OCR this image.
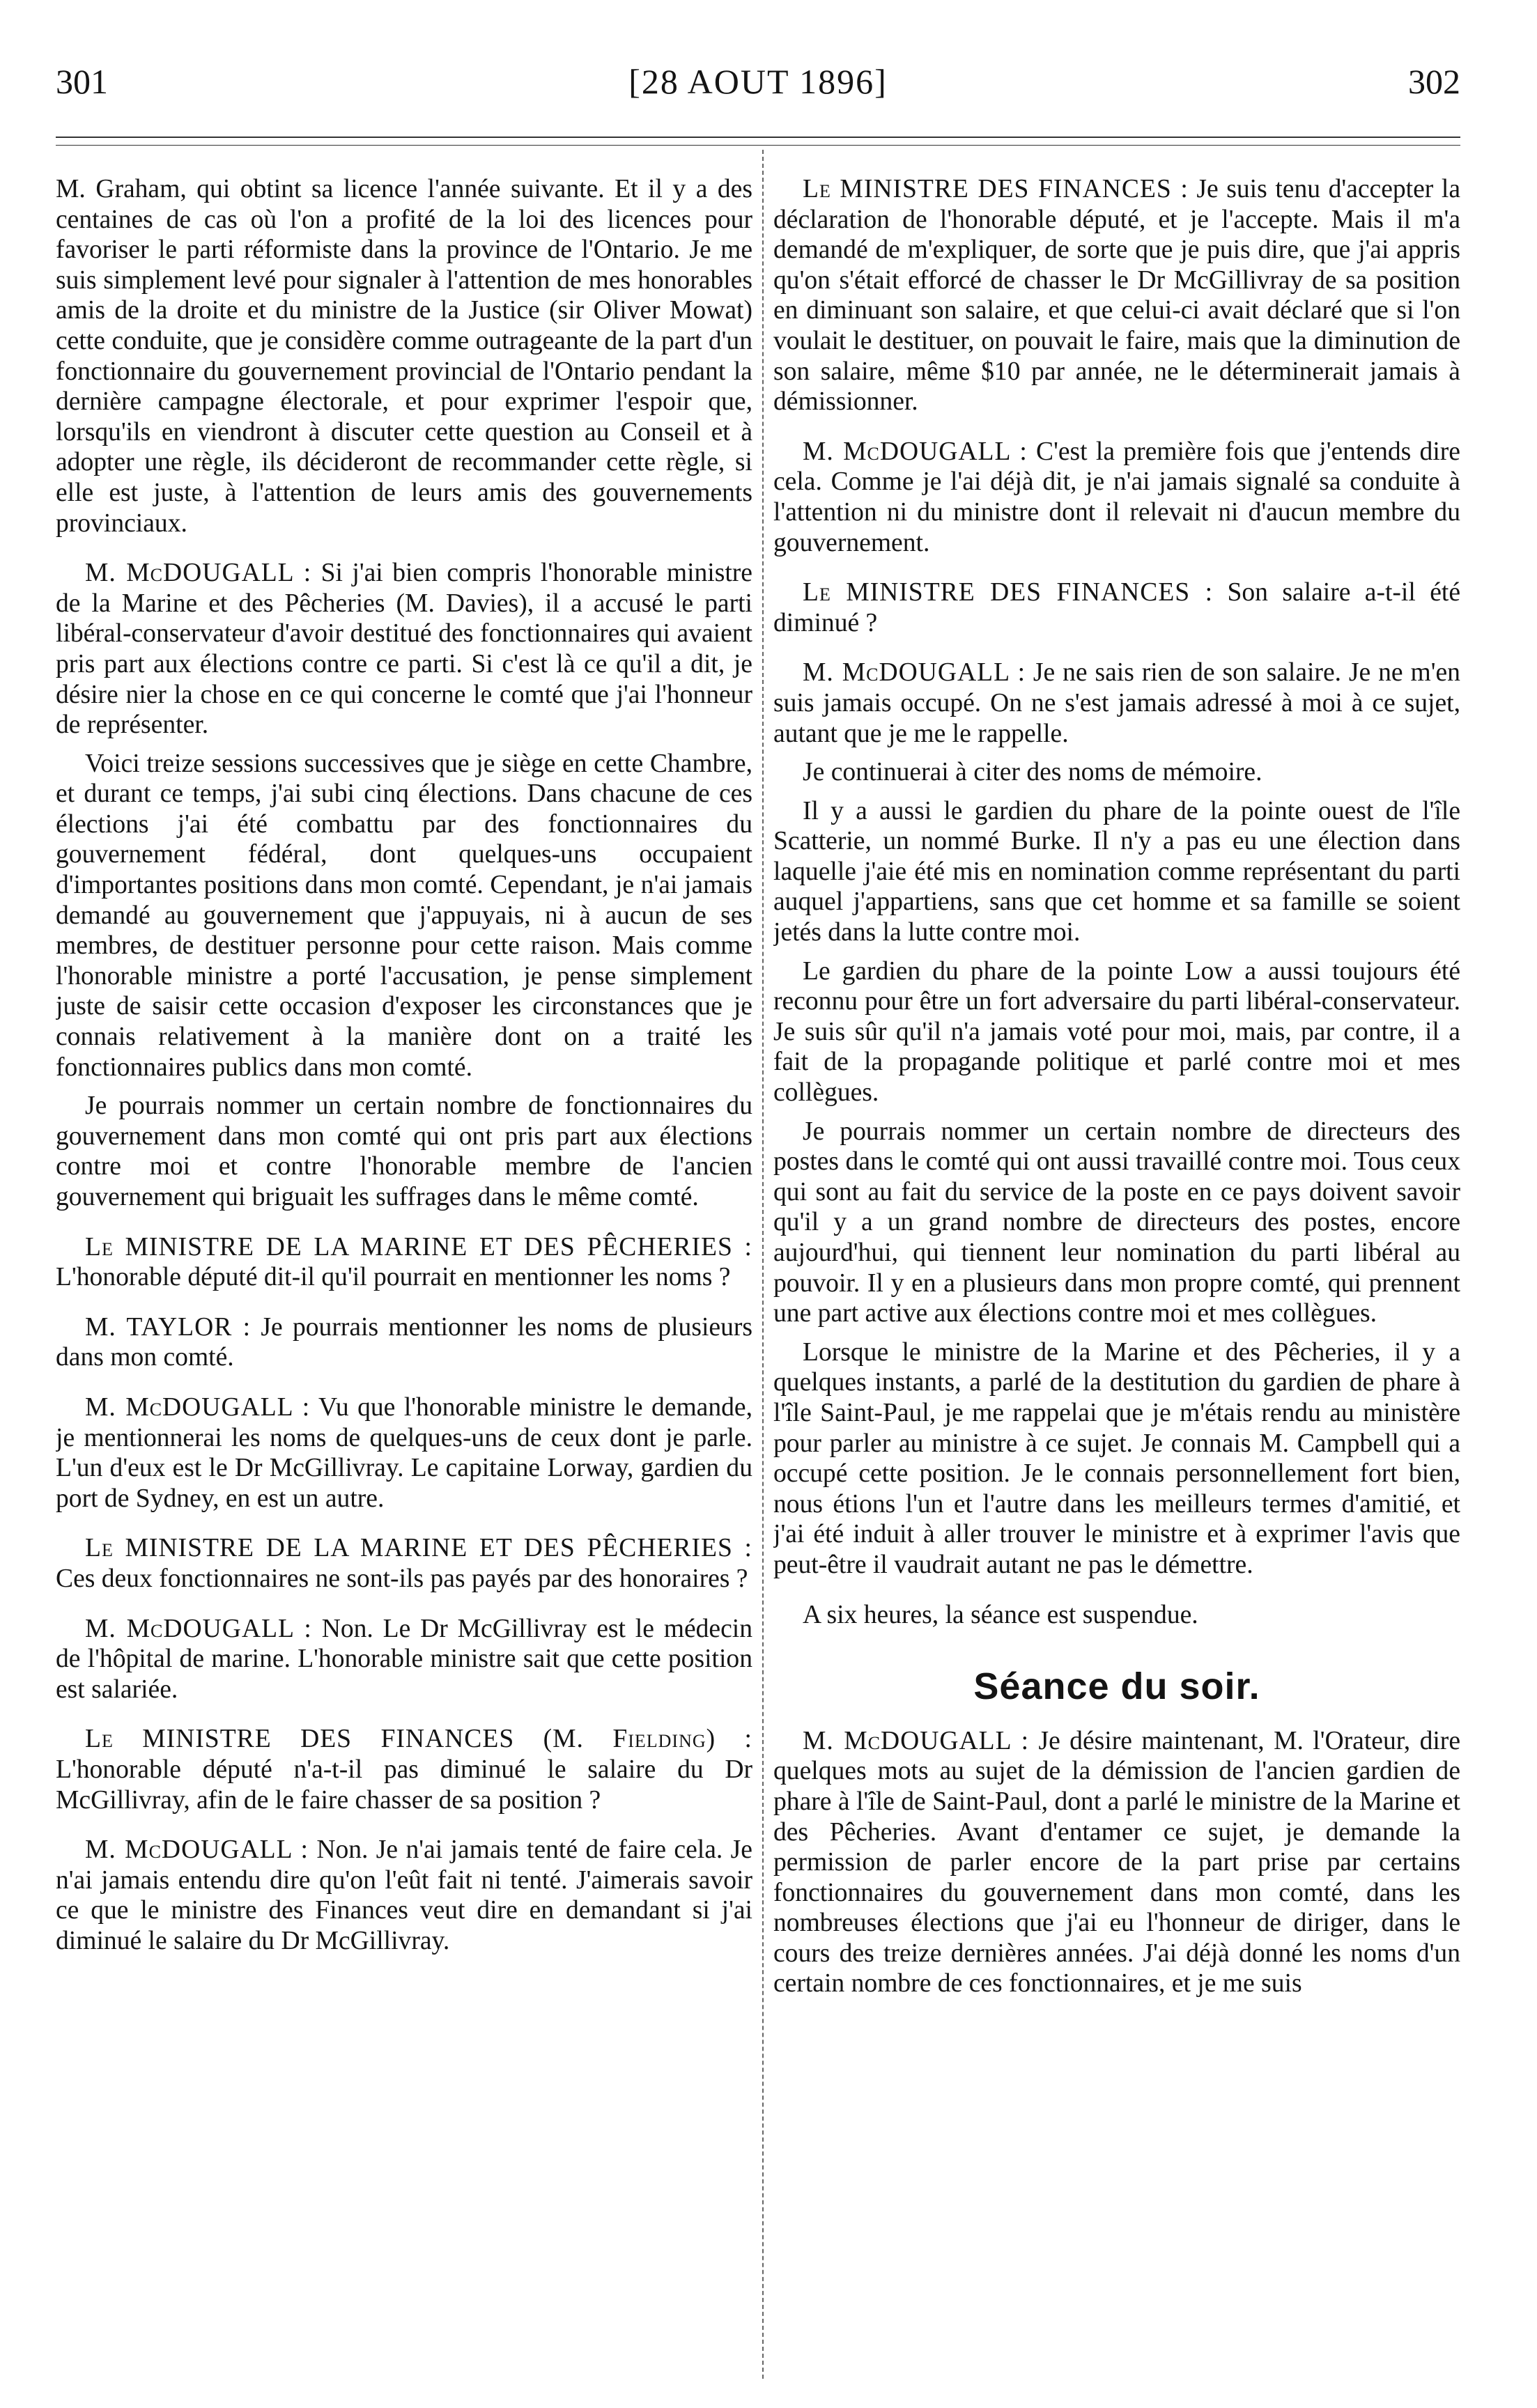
301	[28 AOUT 1896]	302

M. Graham, qui obtint sa licence l'année suivante. Et il y a des centaines de cas où l'on a profité de la loi des licences pour favoriser le parti réformiste dans la province de l'Ontario. Je me suis simplement levé pour signaler à l'attention de mes honorables amis de la droite et du ministre de la Justice (sir Oliver Mowat) cette conduite, que je considère comme outrageante de la part d'un fonctionnaire du gouvernement provincial de l'Ontario pendant la dernière campagne électorale, et pour exprimer l'espoir que, lorsqu'ils en viendront à discuter cette question au Conseil et à adopter une règle, ils décideront de recommander cette règle, si elle est juste, à l'attention de leurs amis des gouvernements provinciaux.

M. McDOUGALL : Si j'ai bien compris l'honorable ministre de la Marine et des Pêcheries (M. Davies), il a accusé le parti libéral-conservateur d'avoir destitué des fonctionnaires qui avaient pris part aux élections contre ce parti. Si c'est là ce qu'il a dit, je désire nier la chose en ce qui concerne le comté que j'ai l'honneur de représenter.

Voici treize sessions successives que je siège en cette Chambre, et durant ce temps, j'ai subi cinq élections. Dans chacune de ces élections j'ai été combattu par des fonctionnaires du gouvernement fédéral, dont quelques-uns occupaient d'importantes positions dans mon comté. Cependant, je n'ai jamais demandé au gouvernement que j'appuyais, ni à aucun de ses membres, de destituer personne pour cette raison. Mais comme l'honorable ministre a porté l'accusation, je pense simplement juste de saisir cette occasion d'exposer les circonstances que je connais relativement à la manière dont on a traité les fonctionnaires publics dans mon comté.

Je pourrais nommer un certain nombre de fonctionnaires du gouvernement dans mon comté qui ont pris part aux élections contre moi et contre l'honorable membre de l'ancien gouvernement qui briguait les suffrages dans le même comté.

Le MINISTRE DE LA MARINE ET DES PÊCHERIES : L'honorable député dit-il qu'il pourrait en mentionner les noms ?

M. TAYLOR : Je pourrais mentionner les noms de plusieurs dans mon comté.

M. McDOUGALL : Vu que l'honorable ministre le demande, je mentionnerai les noms de quelques-uns de ceux dont je parle. L'un d'eux est le Dr McGillivray. Le capitaine Lorway, gardien du port de Sydney, en est un autre.

Le MINISTRE DE LA MARINE ET DES PÊCHERIES : Ces deux fonctionnaires ne sont-ils pas payés par des honoraires ?

M. McDOUGALL : Non. Le Dr McGillivray est le médecin de l'hôpital de marine. L'honorable ministre sait que cette position est salariée.

Le MINISTRE DES FINANCES (M. Fielding) : L'honorable député n'a-t-il pas diminué le salaire du Dr McGillivray, afin de le faire chasser de sa position ?

M. McDOUGALL : Non. Je n'ai jamais tenté de faire cela. Je n'ai jamais entendu dire qu'on l'eût fait ni tenté. J'aimerais savoir ce que le ministre des Finances veut dire en demandant si j'ai diminué le salaire du Dr McGillivray.

Le MINISTRE DES FINANCES : Je suis tenu d'accepter la déclaration de l'honorable député, et je l'accepte. Mais il m'a demandé de m'expliquer, de sorte que je puis dire, que j'ai appris qu'on s'était efforcé de chasser le Dr McGillivray de sa position en diminuant son salaire, et que celui-ci avait déclaré que si l'on voulait le destituer, on pouvait le faire, mais que la diminution de son salaire, même $10 par année, ne le déterminerait jamais à démissionner.

M. McDOUGALL : C'est la première fois que j'entends dire cela. Comme je l'ai déjà dit, je n'ai jamais signalé sa conduite à l'attention ni du ministre dont il relevait ni d'aucun membre du gouvernement.

Le MINISTRE DES FINANCES : Son salaire a-t-il été diminué ?

M. McDOUGALL : Je ne sais rien de son salaire. Je ne m'en suis jamais occupé. On ne s'est jamais adressé à moi à ce sujet, autant que je me le rappelle.

Je continuerai à citer des noms de mémoire.

Il y a aussi le gardien du phare de la pointe ouest de l'île Scatterie, un nommé Burke. Il n'y a pas eu une élection dans laquelle j'aie été mis en nomination comme représentant du parti auquel j'appartiens, sans que cet homme et sa famille se soient jetés dans la lutte contre moi.

Le gardien du phare de la pointe Low a aussi toujours été reconnu pour être un fort adversaire du parti libéral-conservateur. Je suis sûr qu'il n'a jamais voté pour moi, mais, par contre, il a fait de la propagande politique et parlé contre moi et mes collègues.

Je pourrais nommer un certain nombre de directeurs des postes dans le comté qui ont aussi travaillé contre moi. Tous ceux qui sont au fait du service de la poste en ce pays doivent savoir qu'il y a un grand nombre de directeurs des postes, encore aujourd'hui, qui tiennent leur nomination du parti libéral au pouvoir. Il y en a plusieurs dans mon propre comté, qui prennent une part active aux élections contre moi et mes collègues.

Lorsque le ministre de la Marine et des Pêcheries, il y a quelques instants, a parlé de la destitution du gardien de phare à l'île Saint-Paul, je me rappelai que je m'étais rendu au ministère pour parler au ministre à ce sujet. Je connais M. Campbell qui a occupé cette position. Je le connais personnellement fort bien, nous étions l'un et l'autre dans les meilleurs termes d'amitié, et j'ai été induit à aller trouver le ministre et à exprimer l'avis que peut-être il vaudrait autant ne pas le démettre.

A six heures, la séance est suspendue.

Séance du soir.

M. McDOUGALL : Je désire maintenant, M. l'Orateur, dire quelques mots au sujet de la démission de l'ancien gardien de phare à l'île de Saint-Paul, dont a parlé le ministre de la Marine et des Pêcheries. Avant d'entamer ce sujet, je demande la permission de parler encore de la part prise par certains fonctionnaires du gouvernement dans mon comté, dans les nombreuses élections que j'ai eu l'honneur de diriger, dans le cours des treize dernières années. J'ai déjà donné les noms d'un certain nombre de ces fonctionnaires, et je me suis
